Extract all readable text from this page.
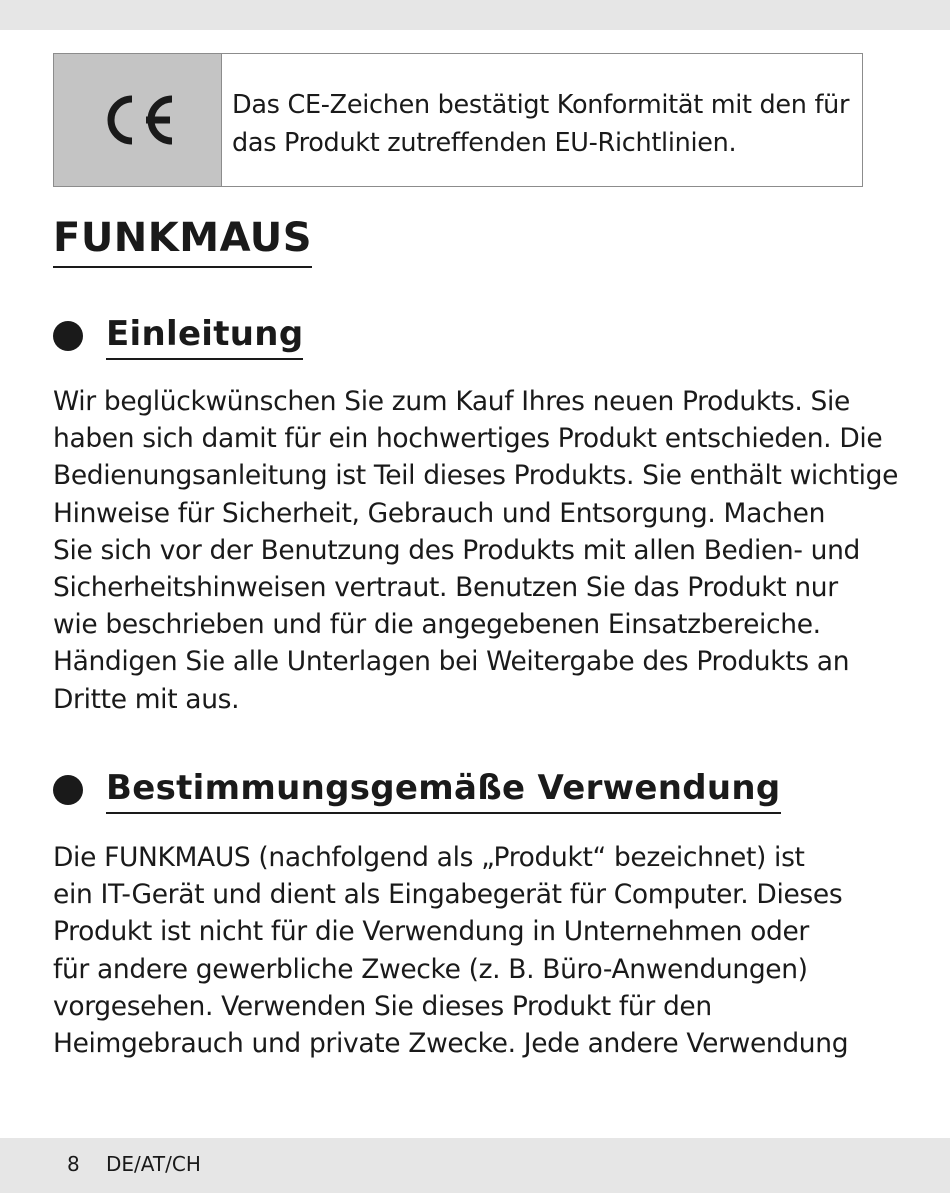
Das CE-Zeichen bestätigt Konformität mit den für
das Produkt zutreffenden EU-Richtlinien.
FUNKMAUS
Einleitung

Wir beglückwünschen Sie zum Kauf Ihres neuen Produkts. Sie
haben sich damit für ein hochwertiges Produkt entschieden. Die
Bedienungsanleitung ist Teil dieses Produkts. Sie enthält wichtige
Hinweise für Sicherheit, Gebrauch und Entsorgung. Machen
Sie sich vor der Benutzung des Produkts mit allen Bedien- und
Sicherheitshinweisen vertraut. Benutzen Sie das Produkt nur
wie beschrieben und für die angegebenen Einsatzbereiche.
Händigen Sie alle Unterlagen bei Weitergabe des Produkts an
Dritte mit aus.

Bestimmungsgemäße Verwendung

Die FUNKMAUS (nachfolgend als „Produkt“ bezeichnet) ist
ein IT-Gerät und dient als Eingabegerät für Computer. Dieses
Produkt ist nicht für die Verwendung in Unternehmen oder
für andere gewerbliche Zwecke (z. B. Büro-Anwendungen)
vorgesehen. Verwenden Sie dieses Produkt für den
Heimgebrauch und private Zwecke. Jede andere Verwendung

8 DE/AT/CH
